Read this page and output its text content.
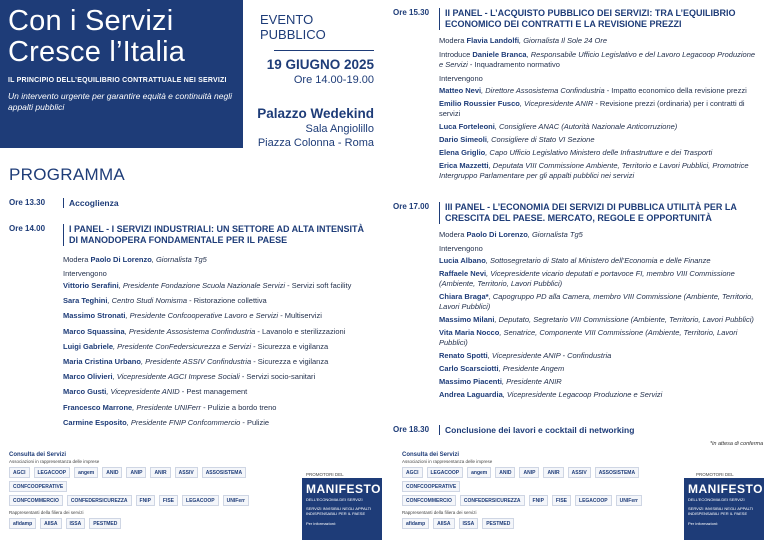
Con i Servizi
Cresce l’Italia
IL PRINCIPIO DELL’EQUILIBRIO CONTRATTUALE NEI SERVIZI
Un intervento urgente per garantire equità e continuità negli appalti pubblici
EVENTO PUBBLICO
19 GIUGNO 2025
Ore 14.00-19.00
Palazzo Wedekind
Sala Angiolillo
Piazza Colonna - Roma
PROGRAMMA
Ore 13.30	Accoglienza
Ore 14.00	I PANEL - I SERVIZI INDUSTRIALI: UN SETTORE AD ALTA INTENSITÀ DI MANODOPERA FONDAMENTALE PER IL PAESE
Modera Paolo Di Lorenzo, Giornalista Tg5
Intervengono
Vittorio Serafini, Presidente Fondazione Scuola Nazionale Servizi - Servizi soft facility
Sara Teghini, Centro Studi Nomisma - Ristorazione collettiva
Massimo Stronati, Presidente Confcooperative Lavoro e Servizi - Multiservizi
Marco Squassina, Presidente Assosistema Confindustria - Lavanolo e sterilizzazioni
Luigi Gabriele, Presidente ConFedersicurezza e Servizi - Sicurezza e vigilanza
Maria Cristina Urbano, Presidente ASSIV Confindustria - Sicurezza e vigilanza
Marco Olivieri, Vicepresidente AGCI Imprese Sociali - Servizi socio-sanitari
Marco Gusti, Vicepresidente ANID - Pest management
Francesco Marrone, Presidente UNIFerr - Pulizie a bordo treno
Carmine Esposito, Presidente FNIP Confcommercio - Pulizie
Consulta dei Servizi
Associazioni in rappresentanza delle imprese
AGCI	LEGACOOP	angem	ANID	ANIP	ANIR	ASSIV	ASSOSISTEMA
CONFCOOPERATIVE
CONFCOMMERCIO	CONFEDERSICUREZZA	FNIP	FISE	LEGACOOP	UNIFerr
Rappresentanti della filiera dei servizi
afidamp	AIISA	ISSA	PESTMED
PROMOTORI DEL
MANIFESTO
DELL’ECONOMIA DEI SERVIZI
SERVIZI INVISIBILI NEGLI APPALTI INDISPENSABILI PER IL PAESE
Per informazioni:
Ore 15.30	II PANEL - L’ACQUISTO PUBBLICO DEI SERVIZI: TRA L’EQUILIBRIO ECONOMICO DEI CONTRATTI E LA REVISIONE PREZZI
Modera Flavia Landolfi, Giornalista Il Sole 24 Ore
Introduce Daniele Branca, Responsabile Ufficio Legislativo e del Lavoro Legacoop Produzione e Servizi - Inquadramento normativo
Intervengono
Matteo Nevi, Direttore Assosistema Confindustria - Impatto economico della revisione prezzi
Emilio Roussier Fusco, Vicepresidente ANIR - Revisione prezzi (ordinaria) per i contratti di servizi
Luca Forteleoni, Consigliere ANAC (Autorità Nazionale Anticorruzione)
Dario Simeoli, Consigliere di Stato VI Sezione
Elena Griglio, Capo Ufficio Legislativo Ministero delle Infrastrutture e dei Trasporti
Erica Mazzetti, Deputata VIII Commissione Ambiente, Territorio e Lavori Pubblici, Promotrice Intergruppo Parlamentare per gli appalti pubblici nei servizi
Ore 17.00	III PANEL - L’ECONOMIA DEI SERVIZI DI PUBBLICA UTILITÀ PER LA CRESCITA DEL PAESE. MERCATO, REGOLE E OPPORTUNITÀ
Modera Paolo Di Lorenzo, Giornalista Tg5
Intervengono
Lucia Albano, Sottosegretario di Stato al Ministero dell’Economia e delle Finanze
Raffaele Nevi, Vicepresidente vicario deputati e portavoce FI, membro VIII Commissione (Ambiente, Territorio, Lavori Pubblici)
Chiara Braga*, Capogruppo PD alla Camera, membro VIII Commissione (Ambiente, Territorio, Lavori Pubblici)
Massimo Milani, Deputato, Segretario VIII Commissione (Ambiente, Territorio, Lavori Pubblici)
Vita Maria Nocco, Senatrice, Componente VIII Commissione (Ambiente, Territorio, Lavori Pubblici)
Renato Spotti, Vicepresidente ANIP - Confindustria
Carlo Scarsciotti, Presidente Angem
Massimo Piacenti, Presidente ANIR
Andrea Laguardia, Vicepresidente Legacoop Produzione e Servizi
Ore 18.30	Conclusione dei lavori e cocktail di networking
*in attesa di conferma
Consulta dei Servizi
Associazioni in rappresentanza delle imprese
AGCI	LEGACOOP	angem	ANID	ANIP	ANIR	ASSIV	ASSOSISTEMA
CONFCOOPERATIVE
CONFCOMMERCIO	CONFEDERSICUREZZA	FNIP	FISE	LEGACOOP	UNIFerr
Rappresentanti della filiera dei servizi
afidamp	AIISA	ISSA	PESTMED
PROMOTORI DEL
MANIFESTO
DELL’ECONOMIA DEI SERVIZI
SERVIZI INVISIBILI NEGLI APPALTI INDISPENSABILI PER IL PAESE
Per informazioni:
